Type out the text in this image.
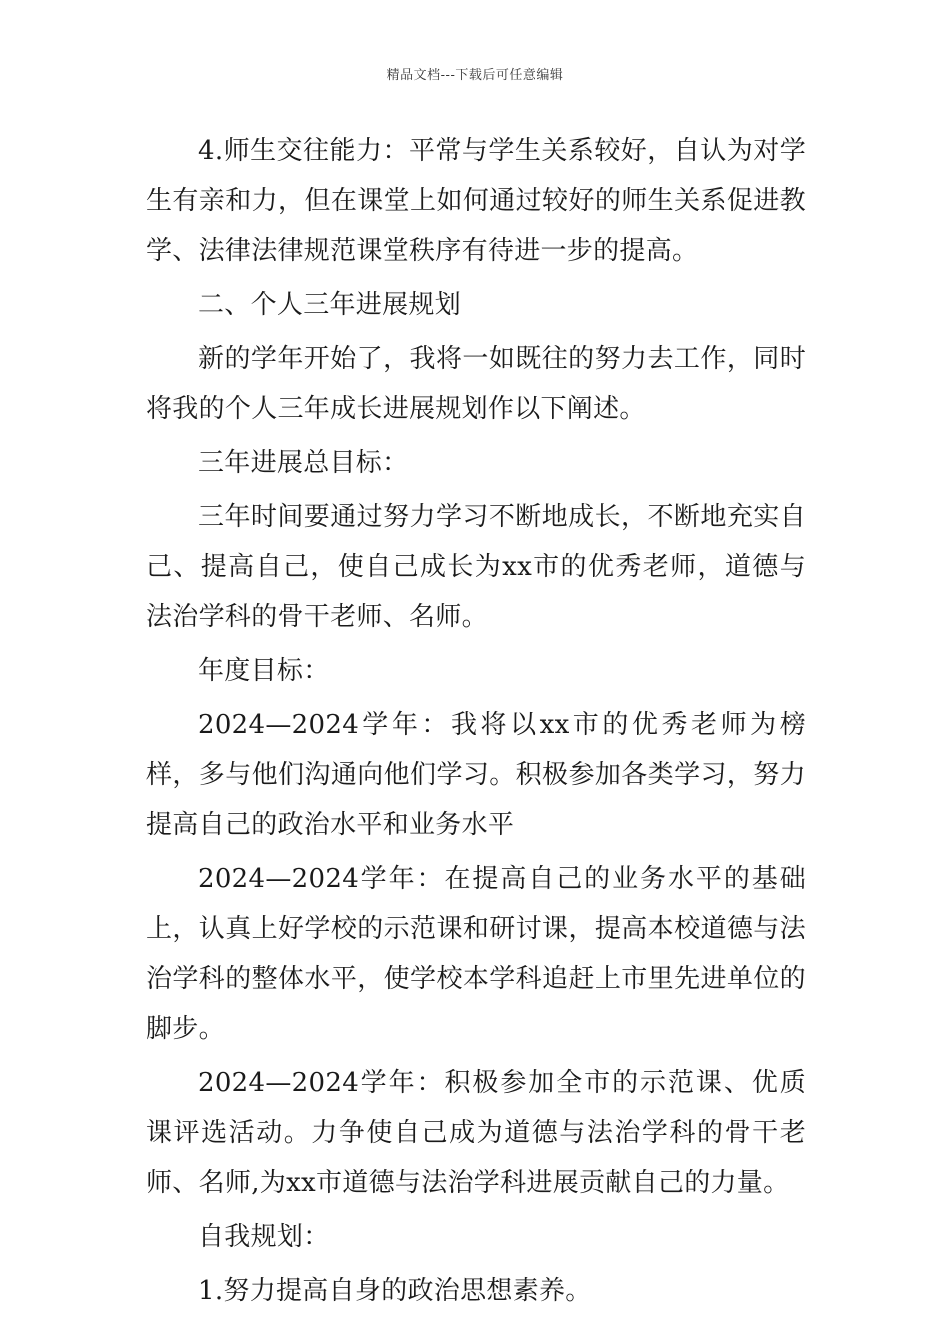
精品文档---下载后可任意编辑

4.师生交往能力：平常与学生关系较好，自认为对学生有亲和力，但在课堂上如何通过较好的师生关系促进教学、法律法律规范课堂秩序有待进一步的提高。

二、个人三年进展规划

新的学年开始了，我将一如既往的努力去工作，同时将我的个人三年成长进展规划作以下阐述。

三年进展总目标：

三年时间要通过努力学习不断地成长，不断地充实自己、提高自己，使自己成长为xx市的优秀老师，道德与法治学科的骨干老师、名师。

年度目标：

2024—2024学年：我将以xx市的优秀老师为榜样，多与他们沟通向他们学习。积极参加各类学习，努力提高自己的政治水平和业务水平

2024—2024学年：在提高自己的业务水平的基础上，认真上好学校的示范课和研讨课，提高本校道德与法治学科的整体水平，使学校本学科追赶上市里先进单位的脚步。

2024—2024学年：积极参加全市的示范课、优质课评选活动。力争使自己成为道德与法治学科的骨干老师、名师,为xx市道德与法治学科进展贡献自己的力量。

自我规划：

1.努力提高自身的政治思想素养。
